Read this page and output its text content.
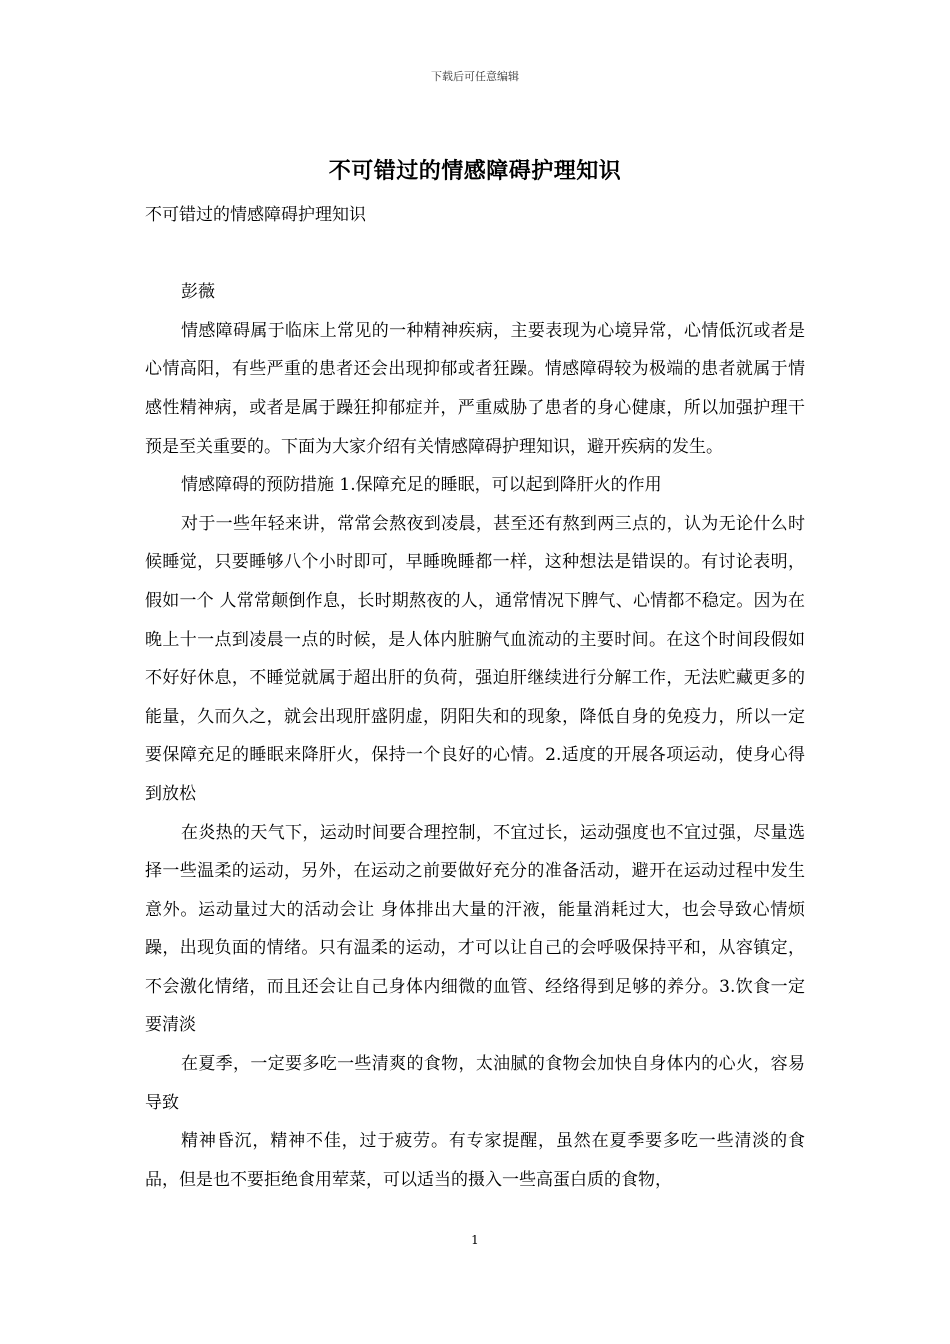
下载后可任意编辑
不可错过的情感障碍护理知识

不可错过的情感障碍护理知识

彭薇

情感障碍属于临床上常见的一种精神疾病，主要表现为心境异常，心情低沉或者是心情高阳，有些严重的患者还会出现抑郁或者狂躁。情感障碍较为极端的患者就属于情感性精神病，或者是属于躁狂抑郁症并，严重威胁了患者的身心健康，所以加强护理干预是至关重要的。下面为大家介绍有关情感障碍护理知识，避开疾病的发生。

情感障碍的预防措施 1.保障充足的睡眠，可以起到降肝火的作用

对于一些年轻来讲，常常会熬夜到凌晨，甚至还有熬到两三点的，认为无论什么时候睡觉，只要睡够八个小时即可，早睡晚睡都一样，这种想法是错误的。有讨论表明，假如一个 人常常颠倒作息，长时期熬夜的人，通常情况下脾气、心情都不稳定。因为在晚上十一点到凌晨一点的时候，是人体内脏腑气血流动的主要时间。在这个时间段假如不好好休息，不睡觉就属于超出肝的负荷，强迫肝继续进行分解工作，无法贮藏更多的能量，久而久之，就会出现肝盛阴虚，阴阳失和的现象，降低自身的免疫力，所以一定要保障充足的睡眠来降肝火，保持一个良好的心情。2.适度的开展各项运动，使身心得到放松

在炎热的天气下，运动时间要合理控制，不宜过长，运动强度也不宜过强，尽量选择一些温柔的运动，另外，在运动之前要做好充分的准备活动，避开在运动过程中发生意外。运动量过大的活动会让 身体排出大量的汗液，能量消耗过大，也会导致心情烦躁，出现负面的情绪。只有温柔的运动，才可以让自己的会呼吸保持平和，从容镇定，不会激化情绪，而且还会让自己身体内细微的血管、经络得到足够的养分。3.饮食一定要清淡

在夏季，一定要多吃一些清爽的食物，太油腻的食物会加快自身体内的心火，容易导致

精神昏沉，精神不佳，过于疲劳。有专家提醒，虽然在夏季要多吃一些清淡的食品，但是也不要拒绝食用荤菜，可以适当的摄入一些高蛋白质的食物，

1
